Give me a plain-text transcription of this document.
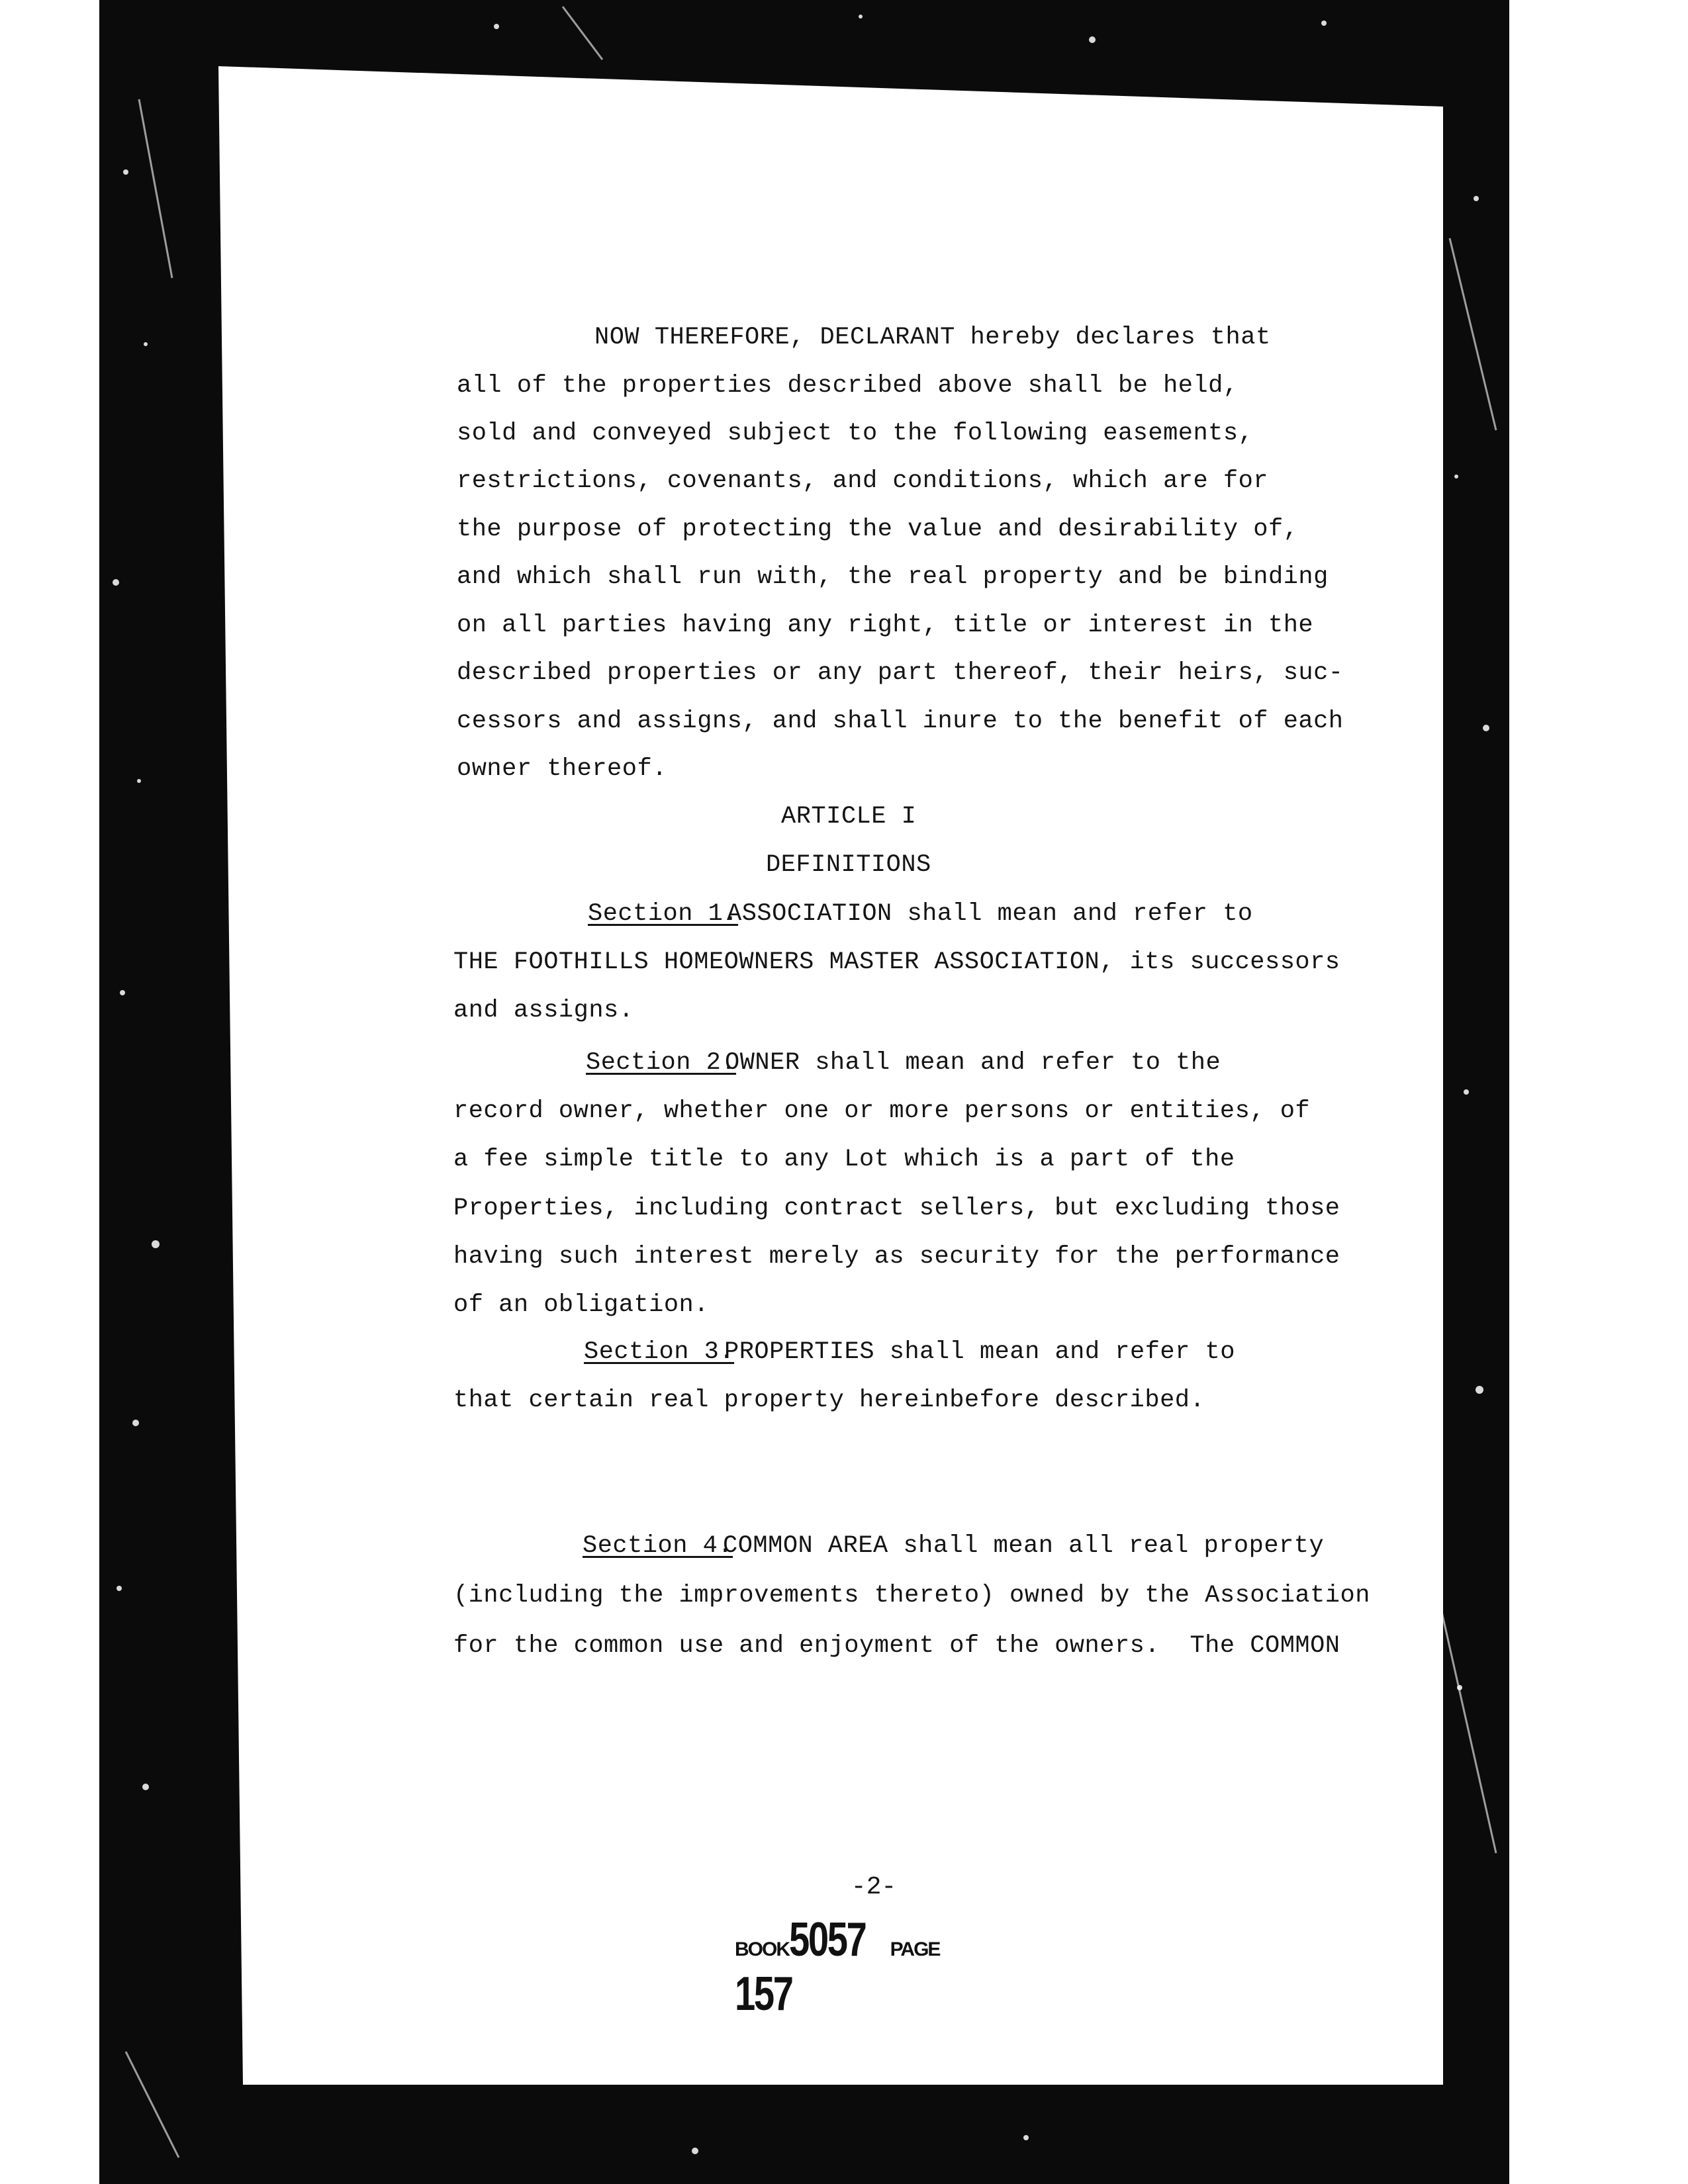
NOW THEREFORE, DECLARANT hereby declares that
all of the properties described above shall be held,
sold and conveyed subject to the following easements,
restrictions, covenants, and conditions, which are for
the purpose of protecting the value and desirability of,
and which shall run with, the real property and be binding
on all parties having any right, title or interest in the
described properties or any part thereof, their heirs, suc-
cessors and assigns, and shall inure to the benefit of each
owner thereof.
ARTICLE I
DEFINITIONS
Section 1.
ASSOCIATION shall mean and refer to
THE FOOTHILLS HOMEOWNERS MASTER ASSOCIATION, its successors
and assigns.
Section 2.
OWNER shall mean and refer to the
record owner, whether one or more persons or entities, of
a fee simple title to any Lot which is a part of the
Properties, including contract sellers, but excluding those
having such interest merely as security for the performance
of an obligation.
Section 3.
PROPERTIES shall mean and refer to
that certain real property hereinbefore described.
Section 4.
COMMON AREA shall mean all real property
(including the improvements thereto) owned by the Association
for the common use and enjoyment of the owners.  The COMMON
-2-
BOOK5057 PAGE157
